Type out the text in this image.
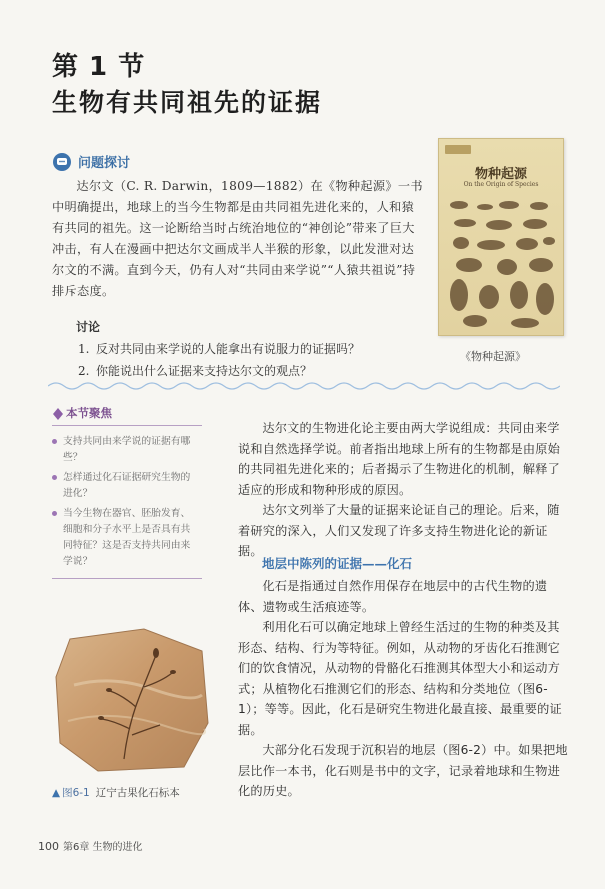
第 1 节
生物有共同祖先的证据
问题探讨
达尔文（C. R. Darwin，1809—1882）在《物种起源》一书中明确提出，地球上的当今生物都是由共同祖先进化来的，人和猿有共同的祖先。这一论断给当时占统治地位的“神创论”带来了巨大冲击，有人在漫画中把达尔文画成半人半猴的形象，以此发泄对达尔文的不满。直到今天，仍有人对“共同由来学说”“人猿共祖说”持排斥态度。
讨论
1. 反对共同由来学说的人能拿出有说服力的证据吗？
2. 你能说出什么证据来支持达尔文的观点？
物种起源
On the Origin of Species
《物种起源》
本节聚焦
支持共同由来学说的证据有哪些？
怎样通过化石证据研究生物的进化？
当今生物在器官、胚胎发育、细胞和分子水平上是否具有共同特征？这是否支持共同由来学说？
达尔文的生物进化论主要由两大学说组成：共同由来学说和自然选择学说。前者指出地球上所有的生物都是由原始的共同祖先进化来的；后者揭示了生物进化的机制，解释了适应的形成和物种形成的原因。
达尔文列举了大量的证据来论证自己的理论。后来，随着研究的深入，人们又发现了许多支持生物进化论的新证据。
地层中陈列的证据——化石
化石是指通过自然作用保存在地层中的古代生物的遗体、遗物或生活痕迹等。
利用化石可以确定地球上曾经生活过的生物的种类及其形态、结构、行为等特征。例如，从动物的牙齿化石推测它们的饮食情况，从动物的骨骼化石推测其体型大小和运动方式；从植物化石推测它们的形态、结构和分类地位（图6-1）；等等。因此，化石是研究生物进化最直接、最重要的证据。
大部分化石发现于沉积岩的地层（图6-2）中。如果把地层比作一本书，化石则是书中的文字，记录着地球和生物进化的历史。
▲ 图6-1 辽宁古果化石标本
100 第6章 生物的进化
